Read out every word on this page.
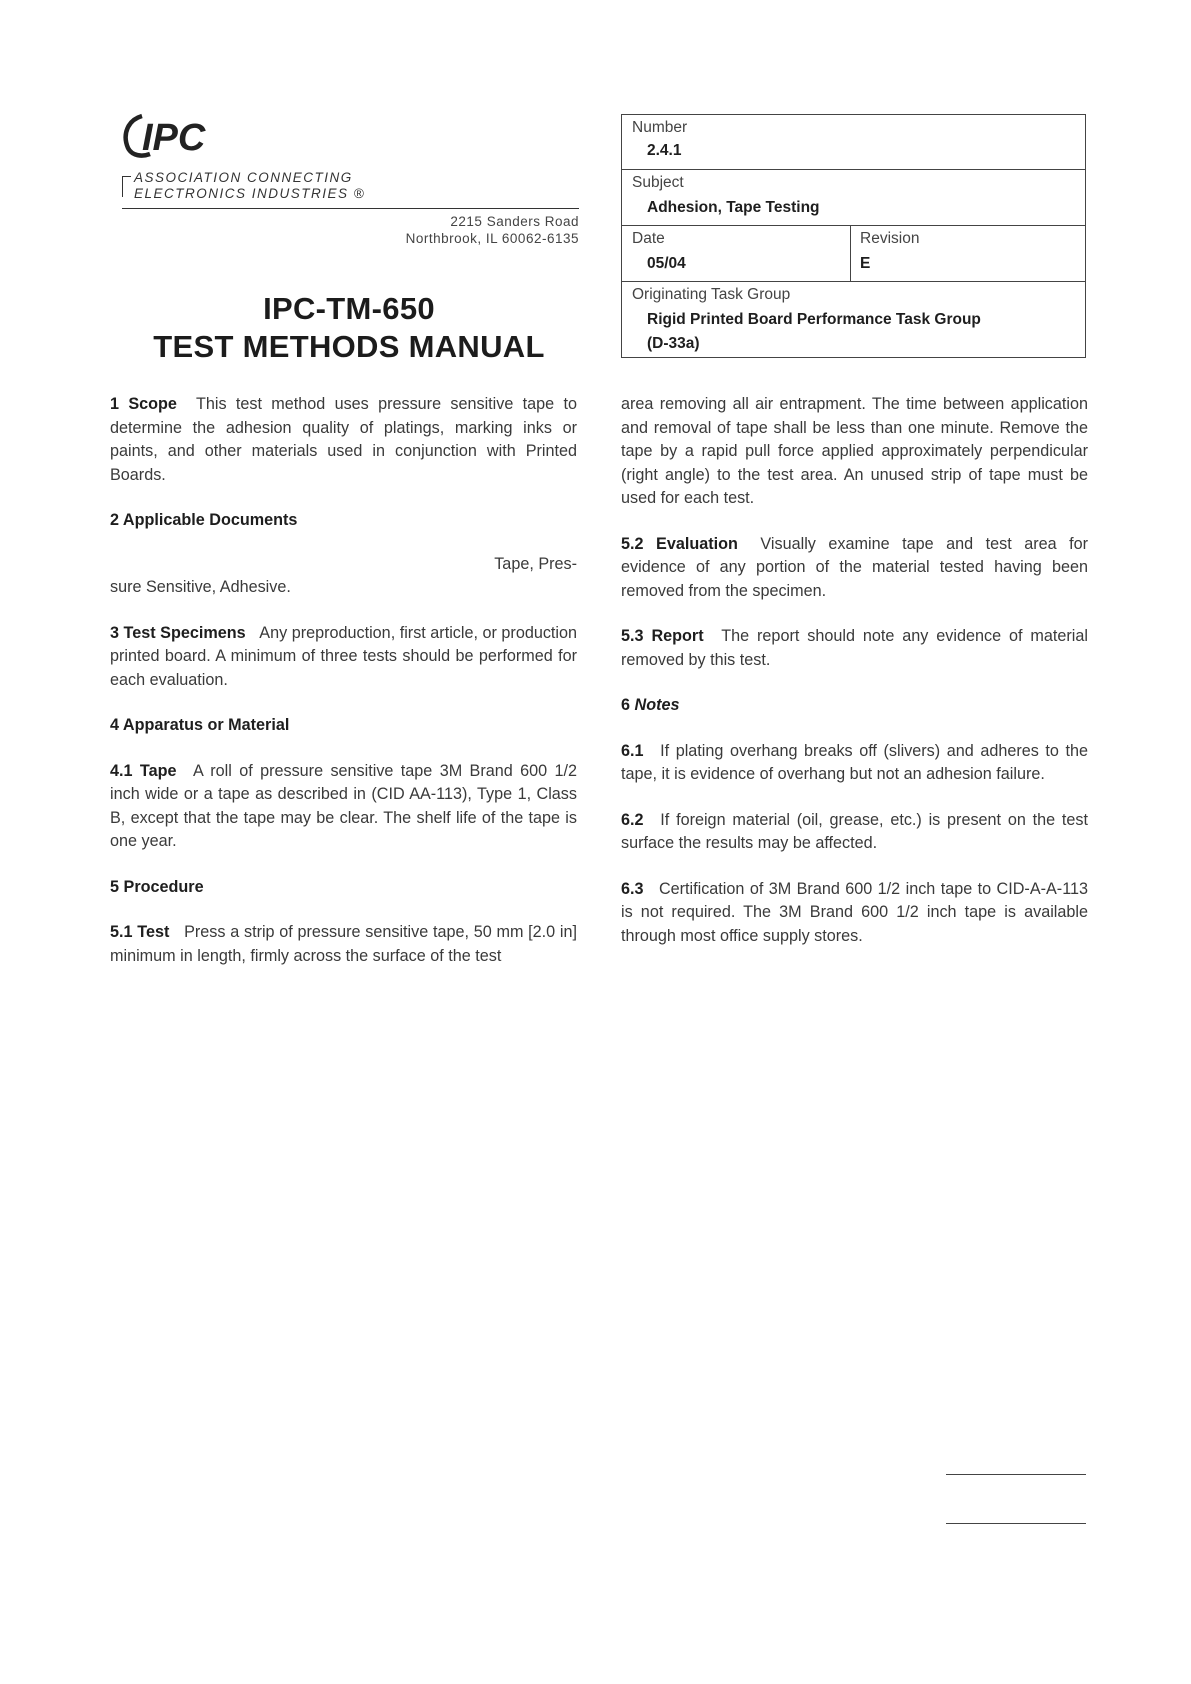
IPC
ASSOCIATION CONNECTING
ELECTRONICS INDUSTRIES ®
2215 Sanders Road
Northbrook, IL 60062-6135
IPC-TM-650
TEST METHODS MANUAL
Number
2.4.1
Subject
Adhesion, Tape Testing
Date
05/04
Revision
E
Originating Task Group
Rigid Printed Board Performance Task Group
(D-33a)

1 Scope This test method uses pressure sensitive tape to determine the adhesion quality of platings, marking inks or paints, and other materials used in conjunction with Printed Boards.

2 Applicable Documents

Tape, Pres-

sure Sensitive, Adhesive.

3 Test Specimens Any preproduction, first article, or production printed board. A minimum of three tests should be performed for each evaluation.

4 Apparatus or Material

4.1 Tape A roll of pressure sensitive tape 3M Brand 600 1/2 inch wide or a tape as described in (CID AA-113), Type 1, Class B, except that the tape may be clear. The shelf life of the tape is one year.

5 Procedure

5.1 Test Press a strip of pressure sensitive tape, 50 mm [2.0 in] minimum in length, firmly across the surface of the test

area removing all air entrapment. The time between application and removal of tape shall be less than one minute. Remove the tape by a rapid pull force applied approximately perpendicular (right angle) to the test area. An unused strip of tape must be used for each test.

5.2 Evaluation Visually examine tape and test area for evidence of any portion of the material tested having been removed from the specimen.

5.3 Report The report should note any evidence of material removed by this test.

6 Notes

6.1 If plating overhang breaks off (slivers) and adheres to the tape, it is evidence of overhang but not an adhesion failure.

6.2 If foreign material (oil, grease, etc.) is present on the test surface the results may be affected.

6.3 Certification of 3M Brand 600 1/2 inch tape to CID-A-A-113 is not required. The 3M Brand 600 1/2 inch tape is available through most office supply stores.
